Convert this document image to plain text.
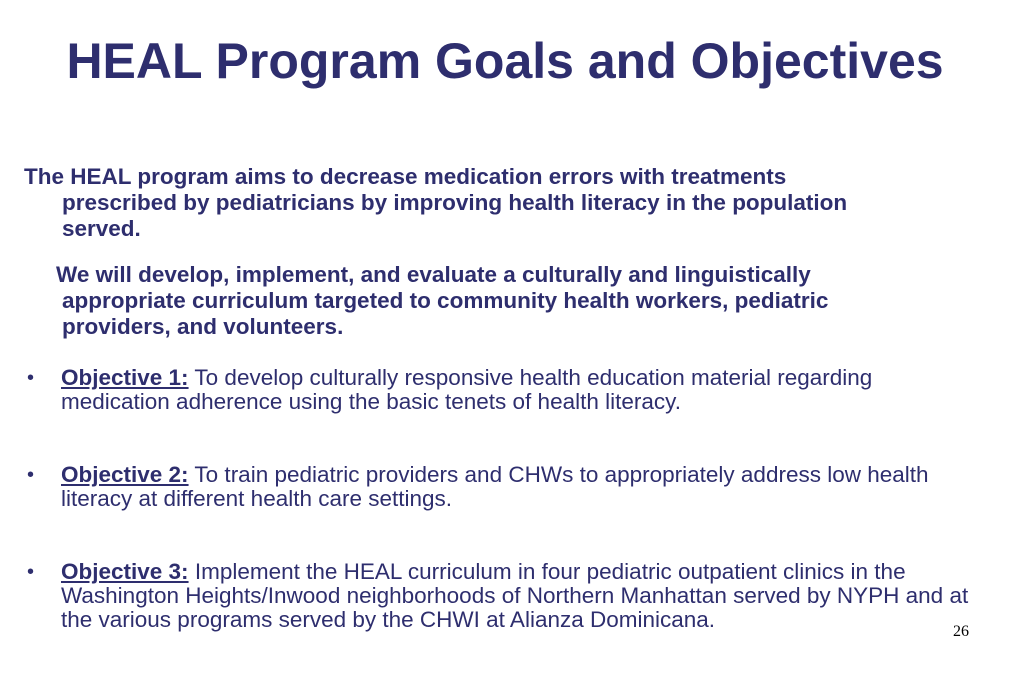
HEAL Program Goals and Objectives

The HEAL program aims to decrease medication errors with treatments prescribed by pediatricians by improving health literacy in the population served.

We will develop, implement, and evaluate a culturally and linguistically appropriate curriculum targeted to community health workers, pediatric providers, and volunteers.

• Objective 1: To develop culturally responsive health education material regarding medication adherence using the basic tenets of health literacy.
• Objective 2: To train pediatric providers and CHWs to appropriately address low health literacy at different health care settings.
• Objective 3: Implement the HEAL curriculum in four pediatric outpatient clinics in the Washington Heights/Inwood neighborhoods of Northern Manhattan served by NYPH and at the various programs served by the CHWI at Alianza Dominicana.	26
